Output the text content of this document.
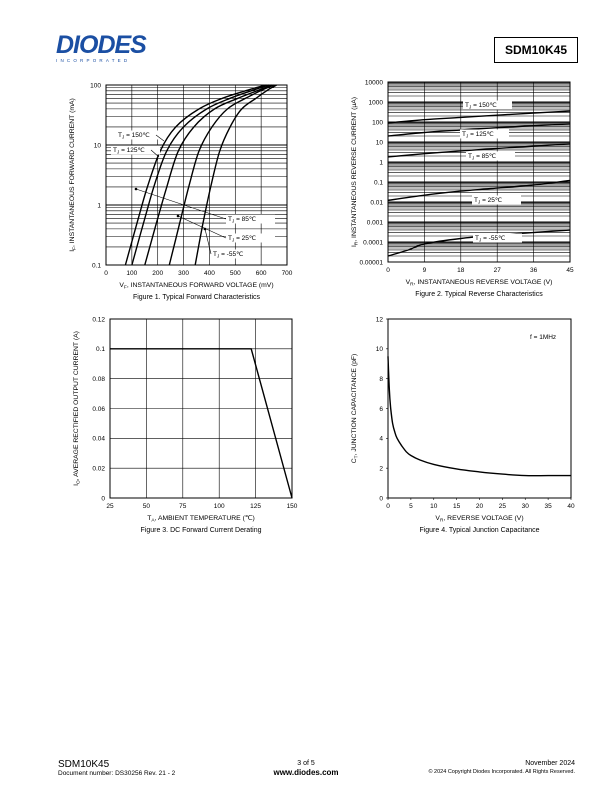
DIODES
INCORPORATED
SDM10K45
0	100 200 300 400 500 600 700
0.1
1
10
100
$V_F$, INSTANTANEOUS FORWARD VOLTAGE (mV)
$I_F$, INSTANTANEOUS FORWARD CURRENT (mA)
Figure 1. Typical Forward Characteristics
$T_J$ = 150℃
$T_J$ = 125℃
$T_J$ = 85℃
$T_J$ = 25℃
$T_J$ = -55℃
0	9	18	27	36	45
0.00001
0.0001
0.001
0.01
0.1
1
10
100
1000
10000
$V_R$, INSTANTANEOUS REVERSE VOLTAGE (V)
$I_R$, INSTANTANEOUS REVERSE CURRENT (µA)
Figure 2. Typical Reverse Characteristics
$T_J$ = 150℃
$T_J$ = 125℃
$T_J$ = 85℃
$T_J$ = 25℃
$T_J$ = -55℃
25	50	75	100	125	150
0
0.02
0.04
0.06
0.08
0.1
0.12
$T_A$, AMBIENT TEMPERATURE (℃)
$I_O$, AVERAGE RECTIFIED OUTPUT CURRENT (A)
Figure 3. DC Forward Current Derating
0	5	10 15 20 25 30 35 40
0
2
4
6
8
10
12
$V_R$, REVERSE VOLTAGE (V)
$C_T$, JUNCTION CAPACITANCE (pF)
Figure 4. Typical Junction Capacitance
f = 1MHz
SDM10K45
Document number: DS30256 Rev. 21 - 2
3 of 5
www.diodes.com
November 2024
© 2024 Copyright Diodes Incorporated. All Rights Reserved.
